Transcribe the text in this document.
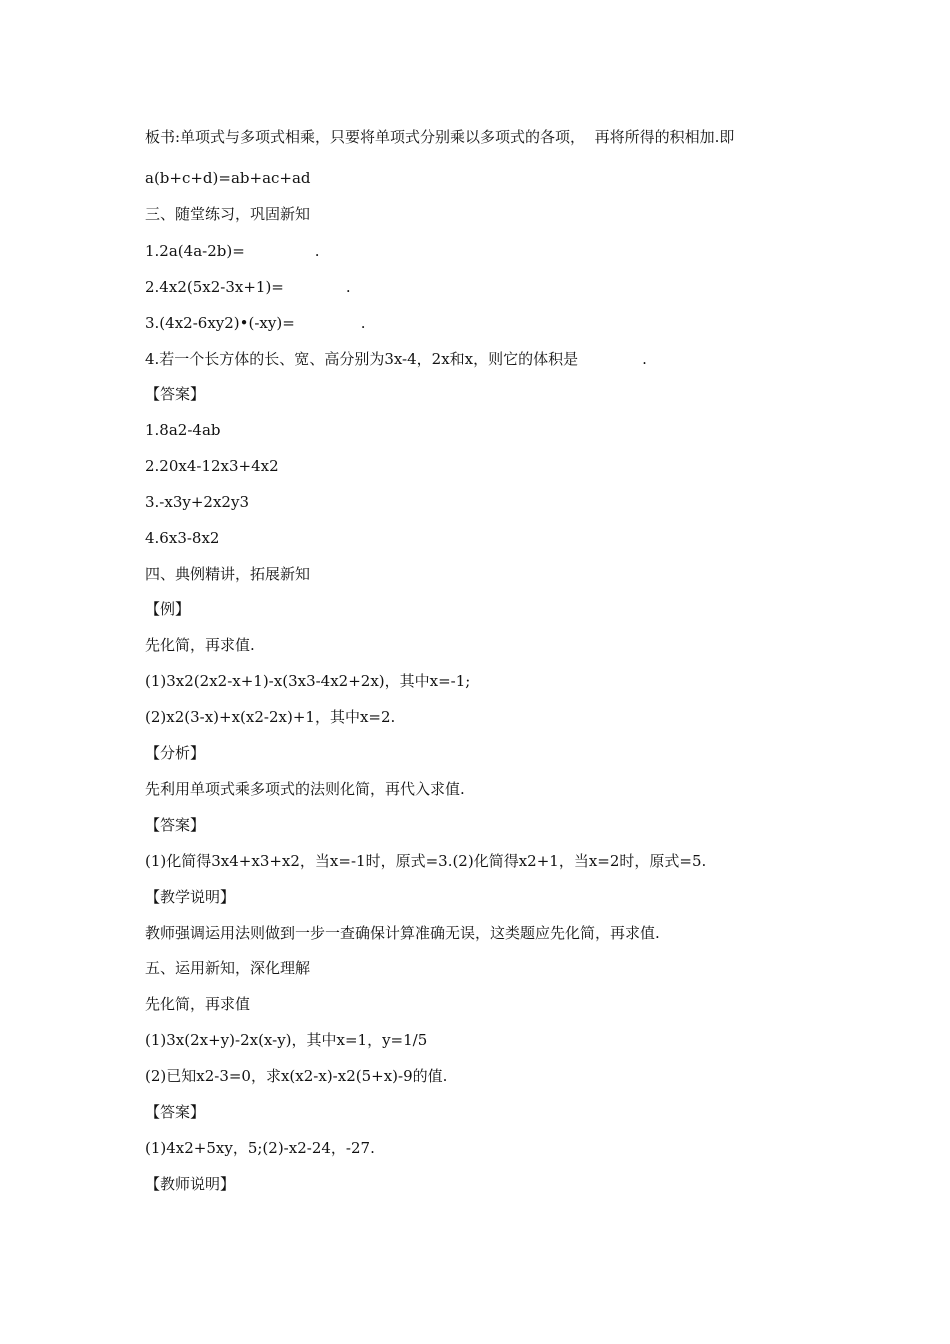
板书:单项式与多项式相乘，只要将单项式分别乘以多项式的各项，  再将所得的积相加.即
a(b+c+d)=ab+ac+ad
三、随堂练习，巩固新知
1.2a(4a-2b)=	.
2.4x2(5x2-3x+1)=	.
3.(4x2-6xy2)•(-xy)=	.
4.若一个长方体的长、宽、高分别为3x-4，2x和x，则它的体积是	.
【答案】
1.8a2-4ab
2.20x4-12x3+4x2
3.-x3y+2x2y3
4.6x3-8x2
四、典例精讲，拓展新知
【例】
先化简，再求值.
(1)3x2(2x2-x+1)-x(3x3-4x2+2x)，其中x=-1;
(2)x2(3-x)+x(x2-2x)+1，其中x=2.
【分析】
先利用单项式乘多项式的法则化简，再代入求值.
【答案】
(1)化简得3x4+x3+x2，当x=-1时，原式=3.(2)化简得x2+1，当x=2时，原式=5.
【教学说明】
教师强调运用法则做到一步一查确保计算准确无误，这类题应先化简，再求值.
五、运用新知，深化理解
先化简，再求值
(1)3x(2x+y)-2x(x-y)，其中x=1，y=1/5
(2)已知x2-3=0，求x(x2-x)-x2(5+x)-9的值.
【答案】
(1)4x2+5xy，5;(2)-x2-24，-27.
【教师说明】
